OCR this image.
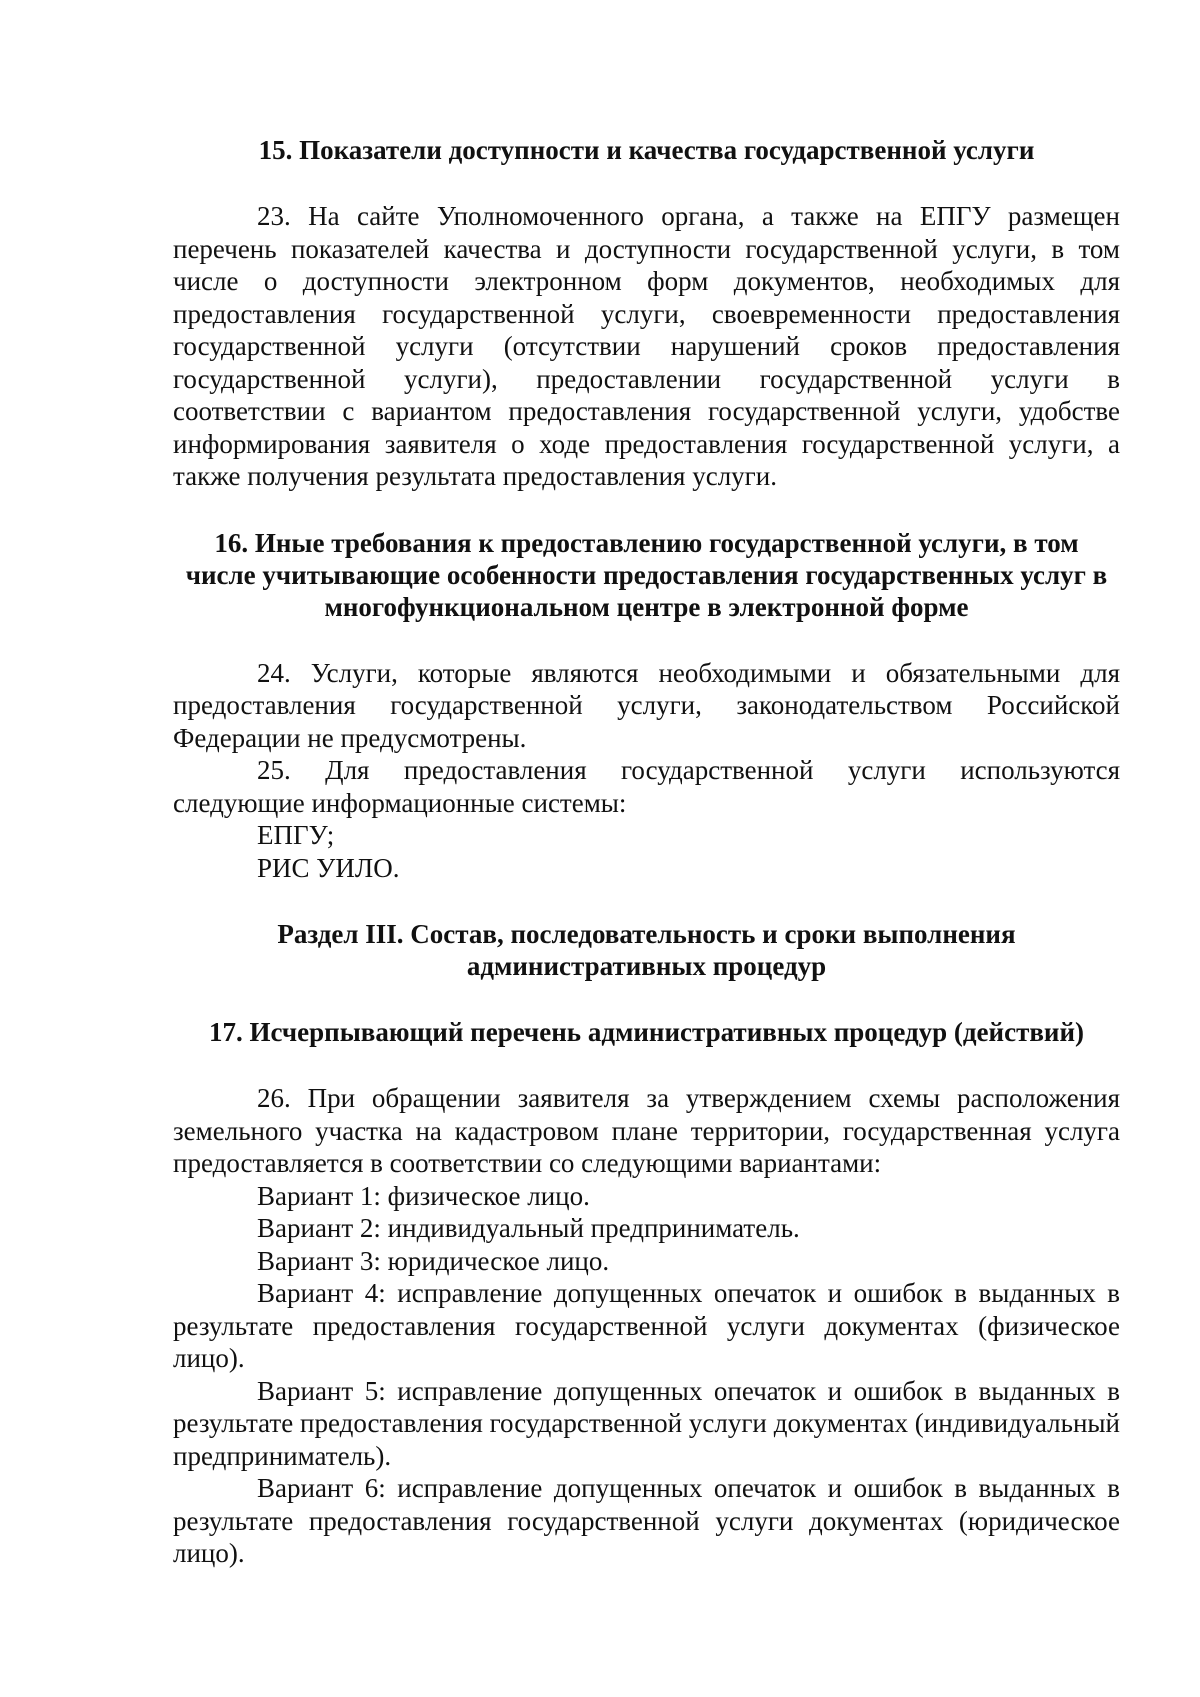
15. Показатели доступности и качества государственной услуги

23. На сайте Уполномоченного органа, а также на ЕПГУ размещен перечень показателей качества и доступности государственной услуги, в том числе о доступности электронном форм документов, необходимых для предоставления государственной услуги, своевременности предоставления государственной услуги (отсутствии нарушений сроков предоставления государственной услуги), предоставлении государственной услуги в соответствии с вариантом предоставления государственной услуги, удобстве информирования заявителя о ходе предоставления государственной услуги, а также получения результата предоставления услуги.

16. Иные требования к предоставлению государственной услуги, в том числе учитывающие особенности предоставления государственных услуг в многофункциональном центре в электронной форме

24. Услуги, которые являются необходимыми и обязательными для предоставления государственной услуги, законодательством Российской Федерации не предусмотрены.

25. Для предоставления государственной услуги используются следующие информационные системы:

ЕПГУ;

РИС УИЛО.

Раздел III. Состав, последовательность и сроки выполнения
административных процедур
17. Исчерпывающий перечень административных процедур (действий)

26. При обращении заявителя за утверждением схемы расположения земельного участка на кадастровом плане территории, государственная услуга предоставляется в соответствии со следующими вариантами:

Вариант 1: физическое лицо.

Вариант 2: индивидуальный предприниматель.

Вариант 3: юридическое лицо.

Вариант 4: исправление допущенных опечаток и ошибок в выданных в результате предоставления государственной услуги документах (физическое лицо).

Вариант 5: исправление допущенных опечаток и ошибок в выданных в результате предоставления государственной услуги документах (индивидуальный предприниматель).

Вариант 6: исправление допущенных опечаток и ошибок в выданных в результате предоставления государственной услуги документах (юридическое лицо).
